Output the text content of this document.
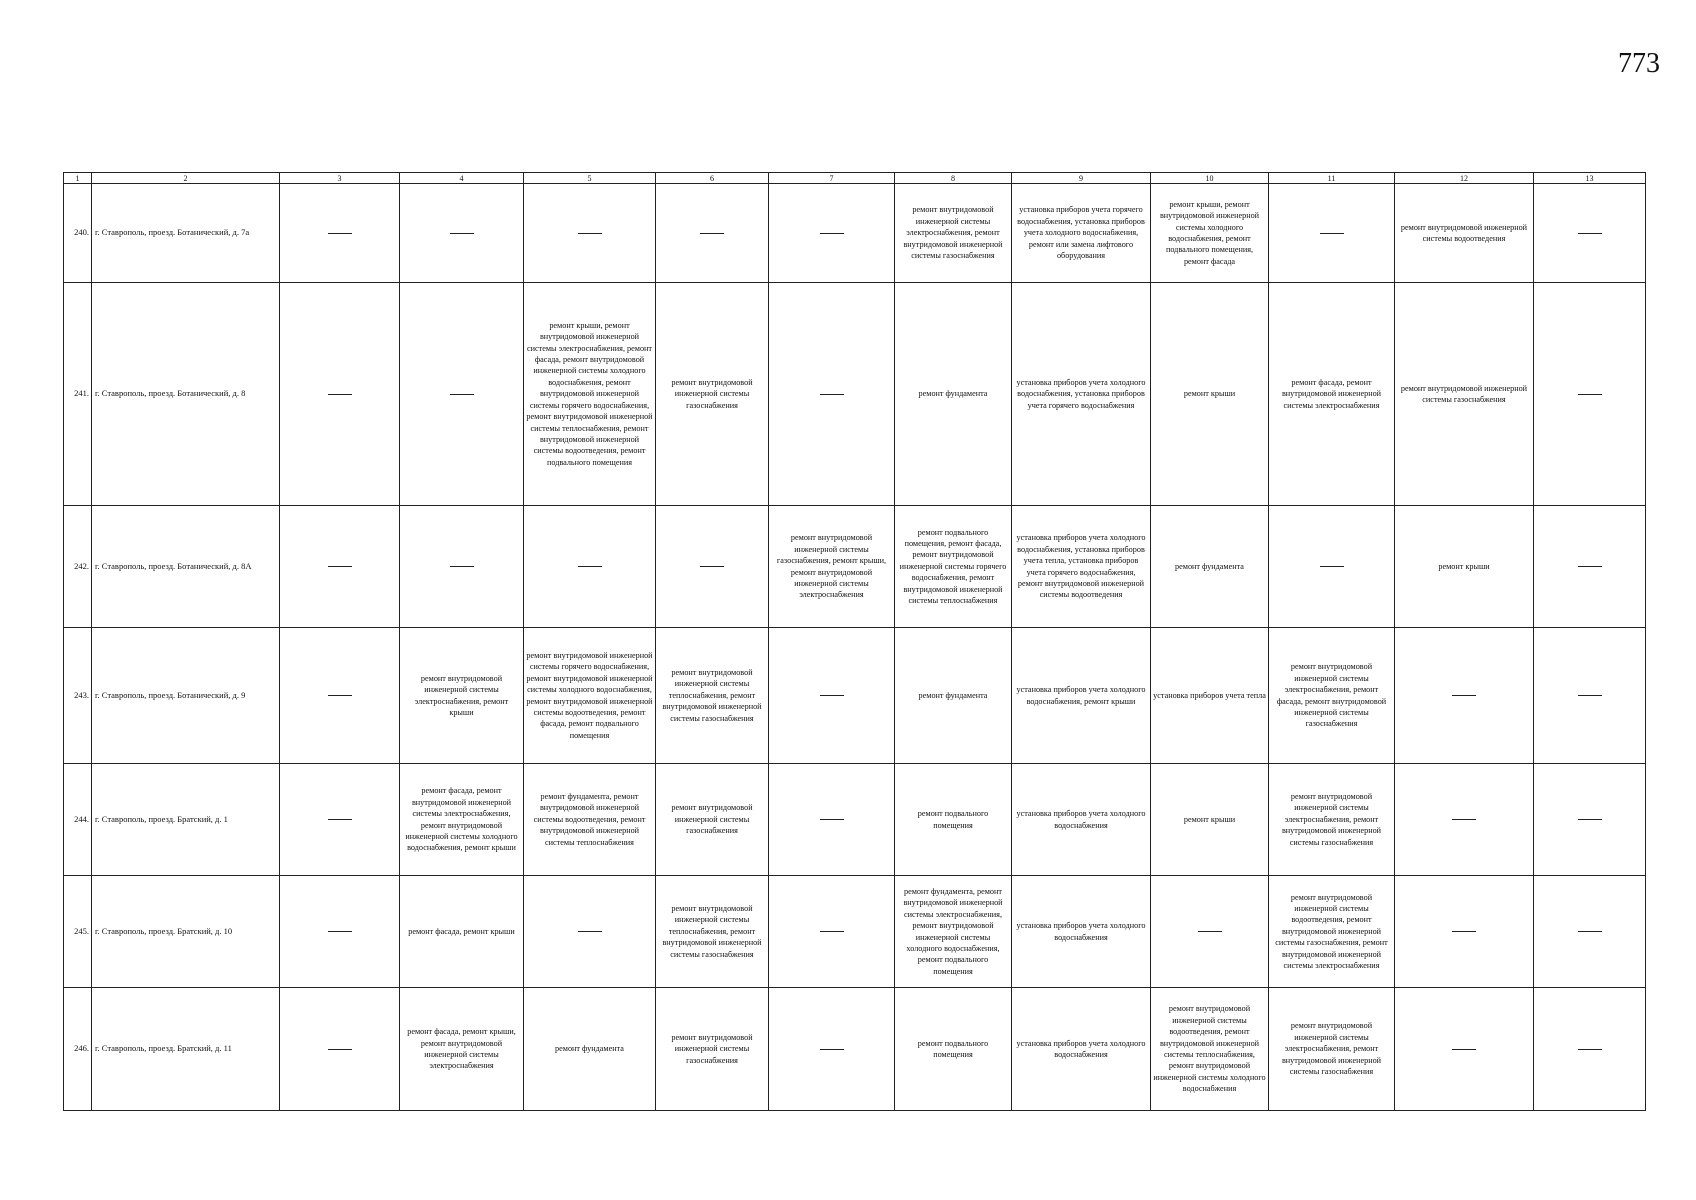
773
1	2	3	4	5	6	7	8	9	10	11	12	13
240.	г. Ставрополь, проезд. Ботанический, д. 7а						ремонт внутридомовой инженерной системы электроснабжения, ремонт внутридомовой инженерной системы газоснабжения	установка приборов учета горячего водоснабжения, установка приборов учета холодного водоснабжения, ремонт или замена лифтового оборудования	ремонт крыши, ремонт внутридомовой инженерной системы холодного водоснабжения, ремонт подвального помещения, ремонт фасада		ремонт внутридомовой инженерной системы водоотведения	
241.	г. Ставрополь, проезд. Ботанический, д. 8			ремонт крыши, ремонт внутридомовой инженерной системы электроснабжения, ремонт фасада, ремонт внутридомовой инженерной системы холодного водоснабжения, ремонт внутридомовой инженерной системы горячего водоснабжения, ремонт внутридомовой инженерной системы теплоснабжения, ремонт внутридомовой инженерной системы водоотведения, ремонт подвального помещения	ремонт внутридомовой инженерной системы газоснабжения		ремонт фундамента	установка приборов учета холодного водоснабжения, установка приборов учета горячего водоснабжения	ремонт крыши	ремонт фасада, ремонт внутридомовой инженерной системы электроснабжения	ремонт внутридомовой инженерной системы газоснабжения	
242.	г. Ставрополь, проезд. Ботанический, д. 8А					ремонт внутридомовой инженерной системы газоснабжения, ремонт крыши, ремонт внутридомовой инженерной системы электроснабжения	ремонт подвального помещения, ремонт фасада, ремонт внутридомовой инженерной системы горячего водоснабжения, ремонт внутридомовой инженерной системы теплоснабжения	установка приборов учета холодного водоснабжения, установка приборов учета тепла, установка приборов учета горячего водоснабжения, ремонт внутридомовой инженерной системы водоотведения	ремонт фундамента		ремонт крыши	
243.	г. Ставрополь, проезд. Ботанический, д. 9		ремонт внутридомовой инженерной системы электроснабжения, ремонт крыши	ремонт внутридомовой инженерной системы горячего водоснабжения, ремонт внутридомовой инженерной системы холодного водоснабжения, ремонт внутридомовой инженерной системы водоотведения, ремонт фасада, ремонт подвального помещения	ремонт внутридомовой инженерной системы теплоснабжения, ремонт внутридомовой инженерной системы газоснабжения		ремонт фундамента	установка приборов учета холодного водоснабжения, ремонт крыши	установка приборов учета тепла	ремонт внутридомовой инженерной системы электроснабжения, ремонт фасада, ремонт внутридомовой инженерной системы газоснабжения		
244.	г. Ставрополь, проезд. Братский, д. 1		ремонт фасада, ремонт внутридомовой инженерной системы электроснабжения, ремонт внутридомовой инженерной системы холодного водоснабжения, ремонт крыши	ремонт фундамента, ремонт внутридомовой инженерной системы водоотведения, ремонт внутридомовой инженерной системы теплоснабжения	ремонт внутридомовой инженерной системы газоснабжения		ремонт подвального помещения	установка приборов учета холодного водоснабжения	ремонт крыши	ремонт внутридомовой инженерной системы электроснабжения, ремонт внутридомовой инженерной системы газоснабжения		
245.	г. Ставрополь, проезд. Братский, д. 10		ремонт фасада, ремонт крыши		ремонт внутридомовой инженерной системы теплоснабжения, ремонт внутридомовой инженерной системы газоснабжения		ремонт фундамента, ремонт внутридомовой инженерной системы электроснабжения, ремонт внутридомовой инженерной системы холодного водоснабжения, ремонт подвального помещения	установка приборов учета холодного водоснабжения		ремонт внутридомовой инженерной системы водоотведения, ремонт внутридомовой инженерной системы газоснабжения, ремонт внутридомовой инженерной системы электроснабжения		
246.	г. Ставрополь, проезд. Братский, д. 11		ремонт фасада, ремонт крыши, ремонт внутридомовой инженерной системы электроснабжения	ремонт фундамента	ремонт внутридомовой инженерной системы газоснабжения		ремонт подвального помещения	установка приборов учета холодного водоснабжения	ремонт внутридомовой инженерной системы водоотведения, ремонт внутридомовой инженерной системы теплоснабжения, ремонт внутридомовой инженерной системы холодного водоснабжения	ремонт внутридомовой инженерной системы электроснабжения, ремонт внутридомовой инженерной системы газоснабжения		
